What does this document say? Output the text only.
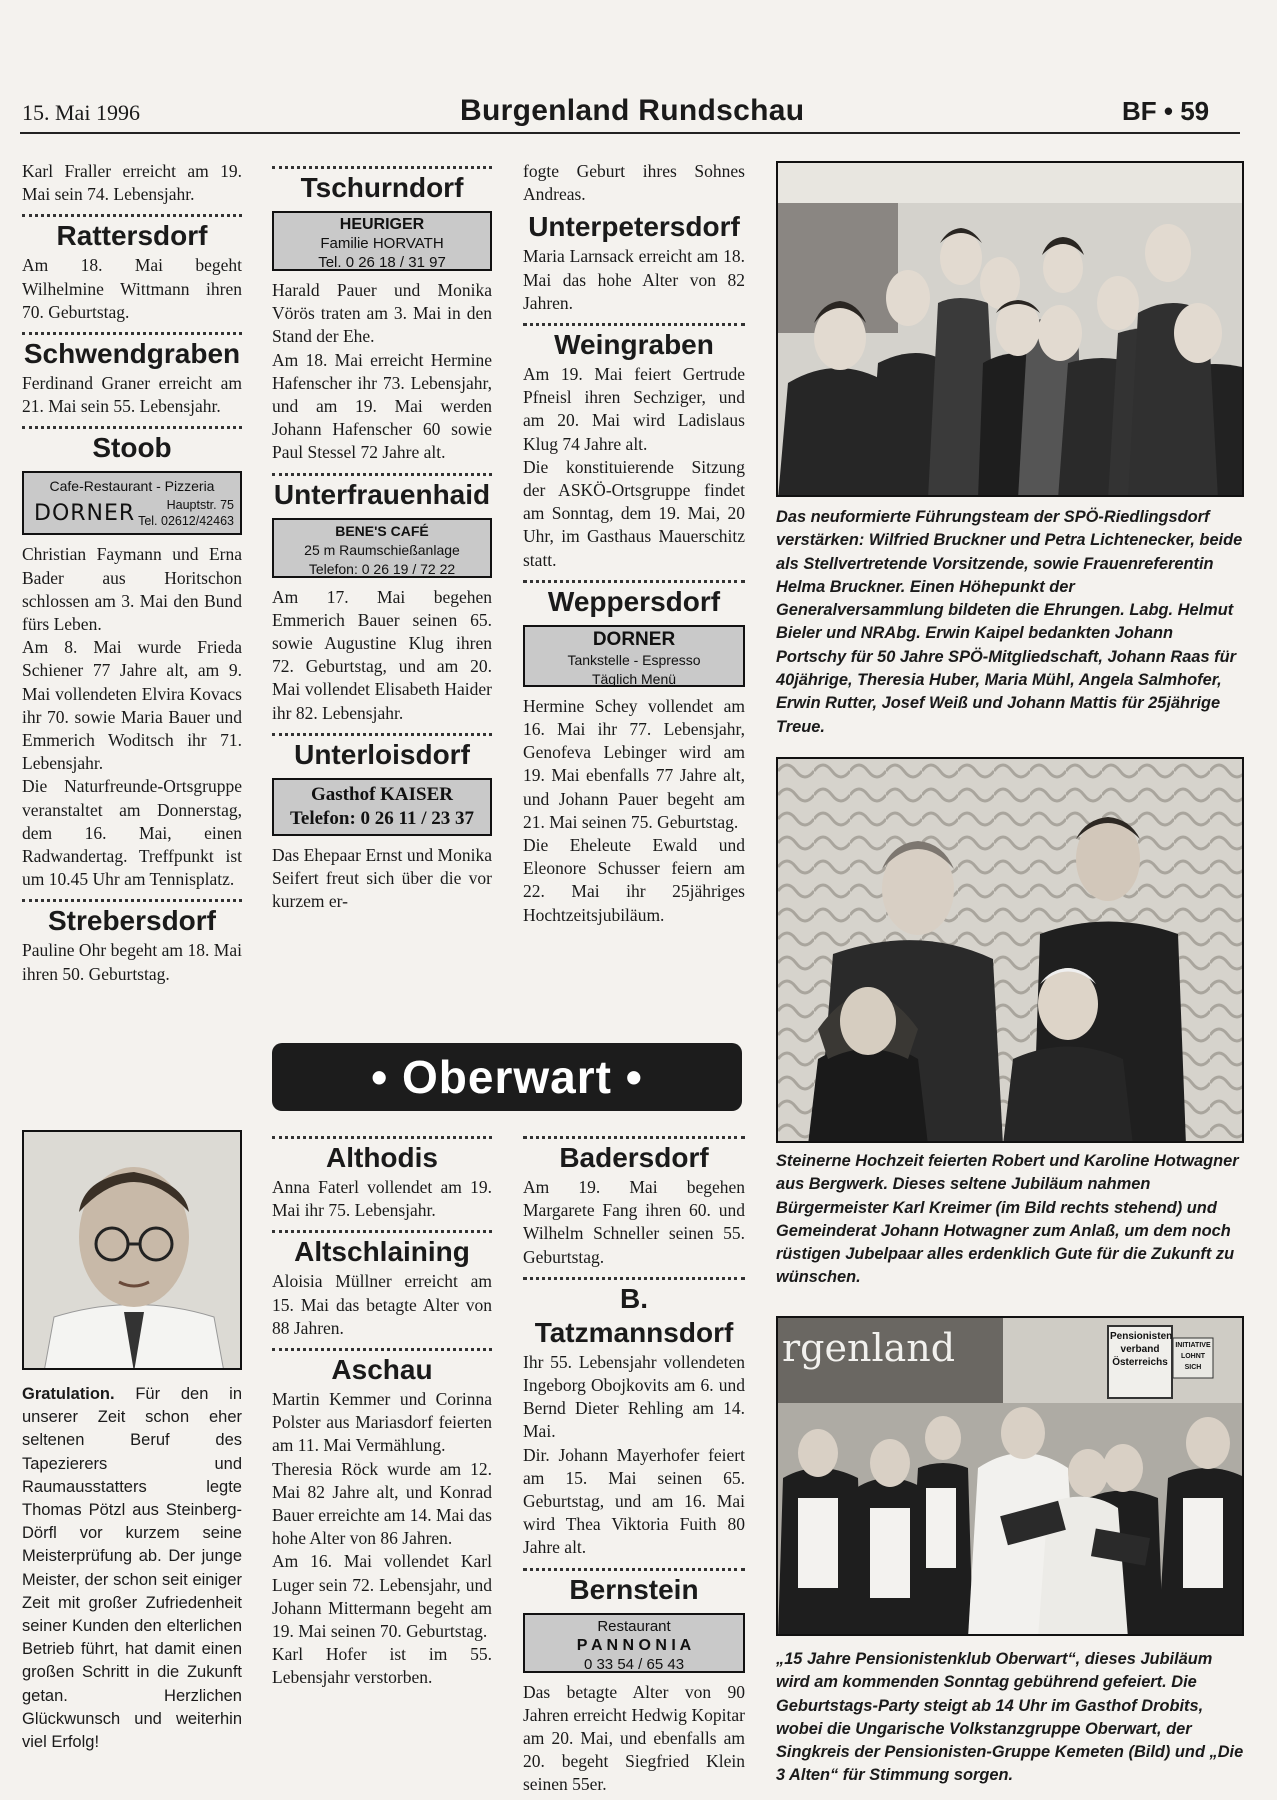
15. Mai 1996	Burgenland Rundschau	BF • 59

Karl Fraller erreicht am 19. Mai sein 74. Lebensjahr.

Rattersdorf

Am 18. Mai begeht Wilhelmine Wittmann ihren 70. Geburtstag.

Schwendgraben

Ferdinand Graner erreicht am 21. Mai sein 55. Lebensjahr.

Stoob
Cafe-Restaurant - Pizzeria
DORNER	Hauptstr. 75
Tel. 02612/42463

Christian Faymann und Erna Bader aus Horitschon schlossen am 3. Mai den Bund fürs Leben.

Am 8. Mai wurde Frieda Schiener 77 Jahre alt, am 9. Mai vollendeten Elvira Kovacs ihr 70. sowie Maria Bauer und Emmerich Woditsch ihr 71. Lebensjahr.

Die Naturfreunde-Ortsgruppe veranstaltet am Donnerstag, dem 16. Mai, einen Radwandertag. Treffpunkt ist um 10.45 Uhr am Tennisplatz.

Strebersdorf

Pauline Ohr begeht am 18. Mai ihren 50. Geburtstag.

Gratulation. Für den in unserer Zeit schon eher seltenen Beruf des Tapezierers und Raumausstatters legte Thomas Pötzl aus Steinberg-Dörfl vor kurzem seine Meisterprüfung ab. Der junge Meister, der schon seit einiger Zeit mit großer Zufriedenheit seiner Kunden den elterlichen Betrieb führt, hat damit einen großen Schritt in die Zukunft getan. Herzlichen Glückwunsch und weiterhin viel Erfolg!

Tschurndorf
HEURIGER
Familie HORVATH
Tel. 0 26 18 / 31 97

Harald Pauer und Monika Vörös traten am 3. Mai in den Stand der Ehe.

Am 18. Mai erreicht Hermine Hafenscher ihr 73. Lebensjahr, und am 19. Mai werden Johann Hafenscher 60 sowie Paul Stessel 72 Jahre alt.

Unterfrauenhaid
BENE'S CAFÉ
25 m Raumschießanlage
Telefon: 0 26 19 / 72 22

Am 17. Mai begehen Emmerich Bauer seinen 65. sowie Augustine Klug ihren 72. Geburtstag, und am 20. Mai vollendet Elisabeth Haider ihr 82. Lebensjahr.

Unterloisdorf
Gasthof KAISER
Telefon: 0 26 11 / 23 37

Das Ehepaar Ernst und Monika Seifert freut sich über die vor kurzem er-

fogte Geburt ihres Sohnes Andreas.

Unterpetersdorf

Maria Larnsack erreicht am 18. Mai das hohe Alter von 82 Jahren.

Weingraben

Am 19. Mai feiert Gertrude Pfneisl ihren Sechziger, und am 20. Mai wird Ladislaus Klug 74 Jahre alt.

Die konstituierende Sitzung der ASKÖ-Ortsgruppe findet am Sonntag, dem 19. Mai, 20 Uhr, im Gasthaus Mauerschitz statt.

Weppersdorf
DORNER
Tankstelle - Espresso
Täglich Menü

Hermine Schey vollendet am 16. Mai ihr 77. Lebensjahr, Genofeva Lebinger wird am 19. Mai ebenfalls 77 Jahre alt, und Johann Pauer begeht am 21. Mai seinen 75. Geburtstag.

Die Eheleute Ewald und Eleonore Schusser feiern am 22. Mai ihr 25jähriges Hochtzeitsjubiläum.

• Oberwart •
Althodis

Anna Faterl vollendet am 19. Mai ihr 75. Lebensjahr.

Altschlaining

Aloisia Müllner erreicht am 15. Mai das betagte Alter von 88 Jahren.

Aschau

Martin Kemmer und Corinna Polster aus Mariasdorf feierten am 11. Mai Vermählung.

Theresia Röck wurde am 12. Mai 82 Jahre alt, und Konrad Bauer erreichte am 14. Mai das hohe Alter von 86 Jahren.

Am 16. Mai vollendet Karl Luger sein 72. Lebensjahr, und Johann Mittermann begeht am 19. Mai seinen 70. Geburtstag.

Karl Hofer ist im 55. Lebensjahr verstorben.

Badersdorf

Am 19. Mai begehen Margarete Fang ihren 60. und Wilhelm Schneller seinen 55. Geburtstag.

B. Tatzmannsdorf

Ihr 55. Lebensjahr vollendeten Ingeborg Obojkovits am 6. und Bernd Dieter Rehling am 14. Mai.

Dir. Johann Mayerhofer feiert am 15. Mai seinen 65. Geburtstag, und am 16. Mai wird Thea Viktoria Fuith 80 Jahre alt.

Bernstein
Restaurant
P A N N O N I A
0 33 54 / 65 43

Das betagte Alter von 90 Jahren erreicht Hedwig Kopitar am 20. Mai, und ebenfalls am 20. begeht Siegfried Klein seinen 55er.

Das neuformierte Führungsteam der SPÖ-Riedlingsdorf verstärken: Wilfried Bruckner und Petra Lichtenecker, beide als Stellvertretende Vorsitzende, sowie Frauenreferentin Helma Bruckner. Einen Höhepunkt der Generalversammlung bildeten die Ehrungen. Labg. Helmut Bieler und NRAbg. Erwin Kaipel bedankten Johann Portschy für 50 Jahre SPÖ-Mitgliedschaft, Johann Raas für 40jährige, Theresia Huber, Maria Mühl, Angela Salmhofer, Erwin Rutter, Josef Weiß und Johann Mattis für 25jährige Treue.
Steinerne Hochzeit feierten Robert und Karoline Hotwagner aus Bergwerk. Dieses seltene Jubiläum nahmen Bürgermeister Karl Kreimer (im Bild rechts stehend) und Gemeinderat Johann Hotwagner zum Anlaß, um dem noch rüstigen Jubelpaar alles erdenklich Gute für die Zukunft zu wünschen.
rgenland	Pensionisten
verband
Österreichs
INITIATIVE
LOHNT
SICH
„15 Jahre Pensionistenklub Oberwart“, dieses Jubiläum wird am kommenden Sonntag gebührend gefeiert. Die Geburtstags-Party steigt ab 14 Uhr im Gasthof Drobits, wobei die Ungarische Volkstanzgruppe Oberwart, der Singkreis der Pensionisten-Gruppe Kemeten (Bild) und „Die 3 Alten“ für Stimmung sorgen.
